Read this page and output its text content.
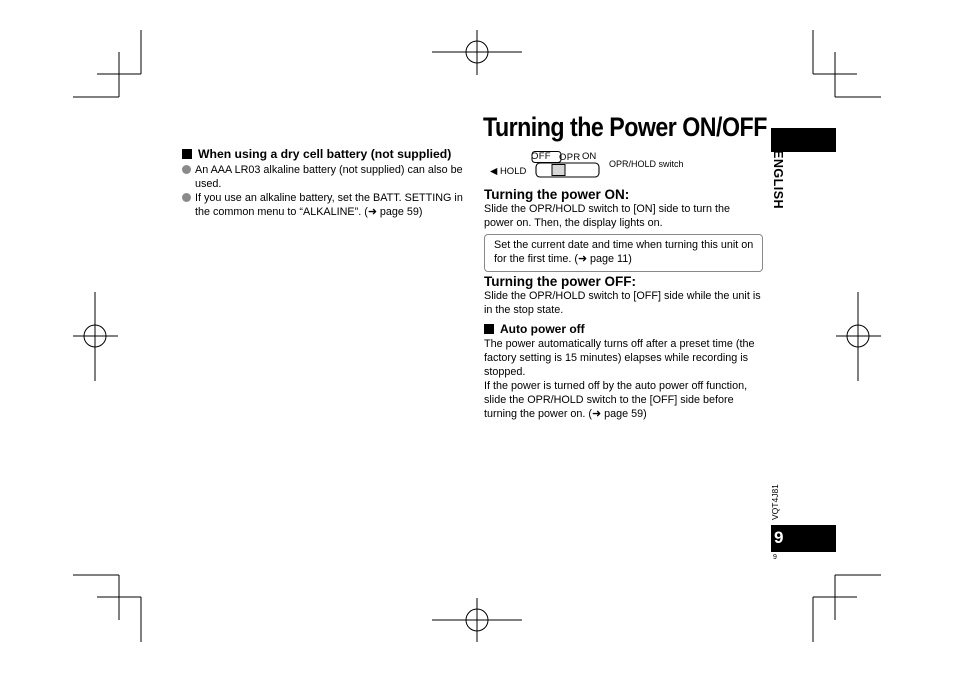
When using a dry cell battery (not supplied)
An AAA LR03 alkaline battery (not supplied) can also be used.
If you use an alkaline battery, set the BATT. SETTING in the common menu to “ALKALINE”. (➜ page 59)
Turning the Power ON/OFF
OFF OPR ON
◀ HOLD
OPR/HOLD switch
Turning the power ON:
Slide the OPR/HOLD switch to [ON] side to turn the power on. Then, the display lights on.
Set the current date and time when turning this unit on for the first time. (➜ page 11)
Turning the power OFF:
Slide the OPR/HOLD switch to [OFF] side while the unit is in the stop state.
Auto power off
The power automatically turns off after a preset time (the factory setting is 15 minutes) elapses while recording is stopped.
If the power is turned off by the auto power off function, slide the OPR/HOLD switch to the [OFF] side before turning the power on. (➜ page 59)
ENGLISH
VQT4J81
9
9
